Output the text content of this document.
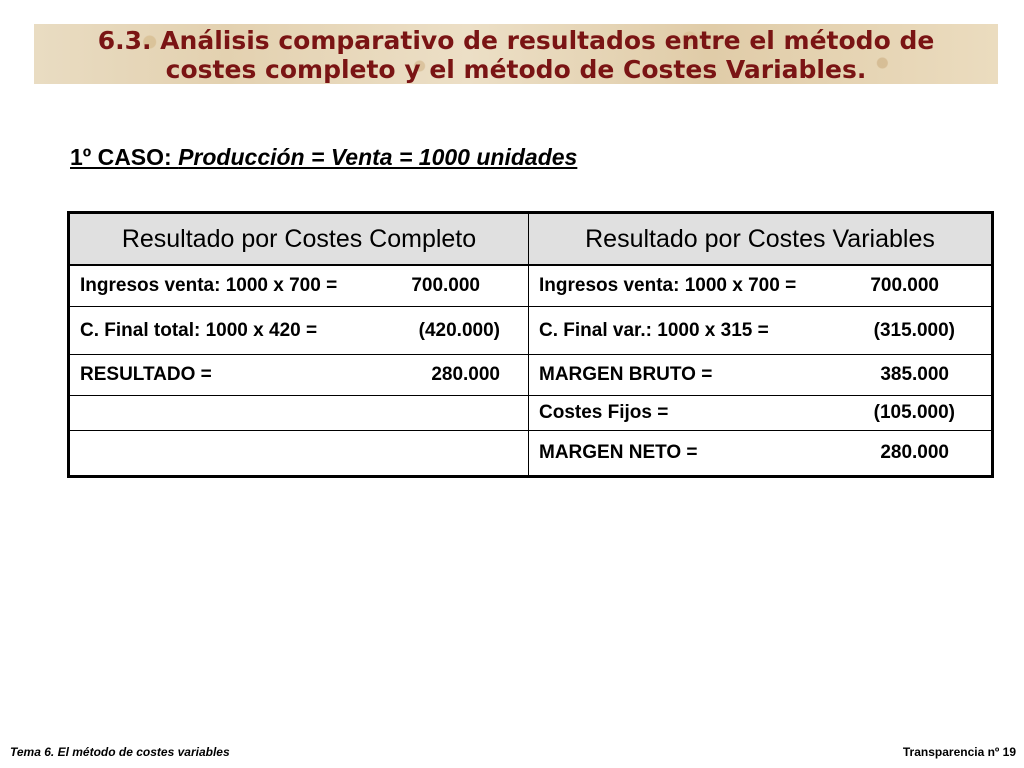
6.3. Análisis comparativo de resultados entre el método de
costes completo y el método de Costes Variables.
1º CASO: Producción = Venta = 1000 unidades
Resultado por Costes Completo	Resultado por Costes Variables
Ingresos venta: 1000 x 700 = 700.000	Ingresos venta: 1000 x 700 = 700.000
C. Final total: 1000 x 420 = (420.000)	C. Final var.: 1000 x 315 = (315.000)
RESULTADO = 280.000	MARGEN BRUTO = 385.000
	Costes Fijos = (105.000)
	MARGEN NETO = 280.000
Tema 6. El método de costes variables	Transparencia nº 19
